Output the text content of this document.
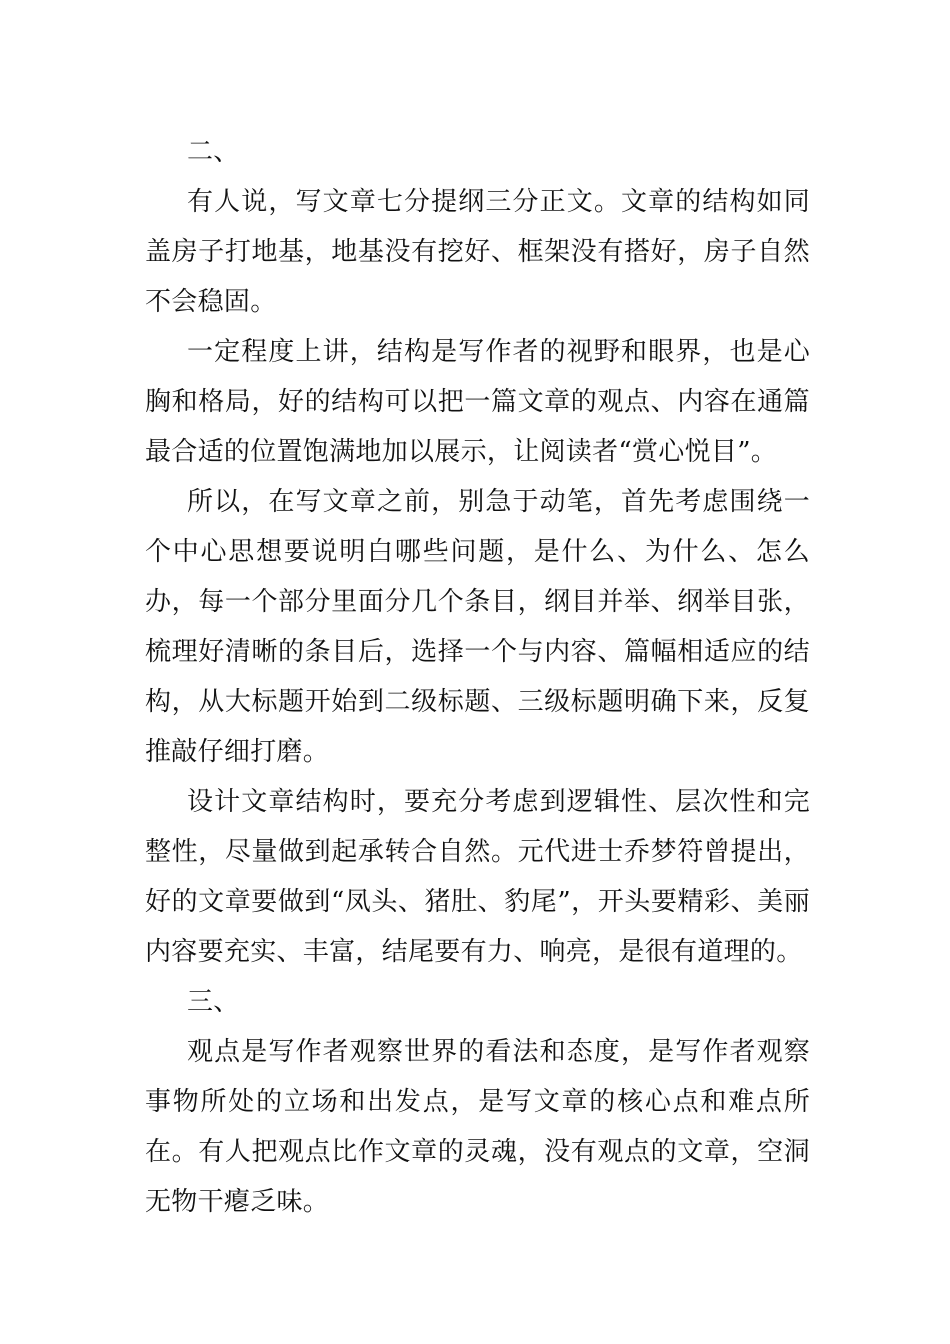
二、

有人说，写文章七分提纲三分正文。文章的结构如同盖房子打地基，地基没有挖好、框架没有搭好，房子自然不会稳固。

一定程度上讲，结构是写作者的视野和眼界，也是心胸和格局，好的结构可以把一篇文章的观点、内容在通篇最合适的位置饱满地加以展示，让阅读者“赏心悦目”。

所以，在写文章之前，别急于动笔，首先考虑围绕一个中心思想要说明白哪些问题，是什么、为什么、怎么办，每一个部分里面分几个条目，纲目并举、纲举目张，梳理好清晰的条目后，选择一个与内容、篇幅相适应的结构，从大标题开始到二级标题、三级标题明确下来，反复推敲仔细打磨。

设计文章结构时，要充分考虑到逻辑性、层次性和完整性，尽量做到起承转合自然。元代进士乔梦符曾提出，好的文章要做到“凤头、猪肚、豹尾”，开头要精彩、美丽内容要充实、丰富，结尾要有力、响亮，是很有道理的。

三、

观点是写作者观察世界的看法和态度，是写作者观察事物所处的立场和出发点，是写文章的核心点和难点所在。有人把观点比作文章的灵魂，没有观点的文章，空洞无物干瘪乏味。
